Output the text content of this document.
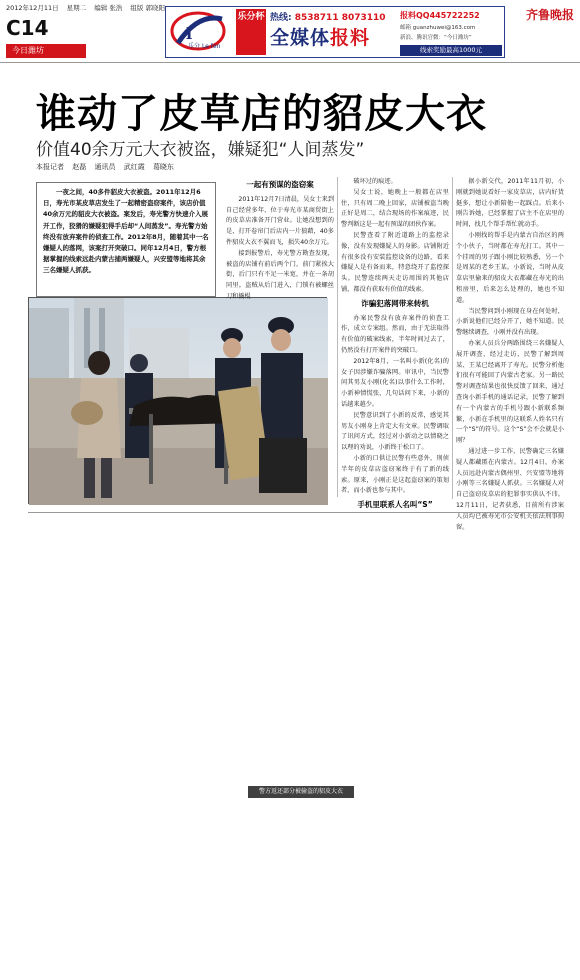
2012年12月11日 星期二 编辑 张浩 组版 郭晓阳
C14
今日潍坊
齐鲁晚报
l
乐分 Le fen
乐分杯 热线: 8538711 8073110
全媒体报料
报料QQ445722252
邮箱 guanzhuwei@163.com
新浪、腾讯官微：“今日潍坊”
线索奖励最高1000元
谁动了皮草店的貂皮大衣
价值40余万元大衣被盗，嫌疑犯“人间蒸发”
本报记者 赵磊 通讯员 武红霞 葛晓东
一夜之间，40多件貂皮大衣被盗。2011年12月6日，寿光市某皮草店发生了一起精密盗窃案件，该店价值40余万元的貂皮大衣被盗。案发后，寿光警方快速介入展开工作，狡猾的嫌疑犯得手后却“人间蒸发”。寿光警方始终没有放弃案件的侦查工作。2012年8月，随着其中一名嫌疑人的落网，该案打开突破口。同年12月4日，警方根据掌握的线索远赴内蒙古捕两嫌疑人，兴安盟等地将其余三名嫌疑人抓获。
警方返还部分被偷盗的貂皮大衣
一起有预谋的盗窃案

2011年12月7日清晨，吴女士来到自己经营多年、位于寿光市某商贸街上的皮草店准备开门营业。让她没想到的是，打开卷帘门后店内一片狼藉，40多件貂皮大衣不翼而飞，损失40余万元。

接到报警后，寿光警方勘查发现，被盗的店铺有前后两个门，前门紧挨大街，后门只有不足一米宽，并在一条胡同里。盗贼从后门进入，门锁有被螺丝刀和撬棍

破坏过的痕迹。

吴女士说，她晚上一般都在店里住，只有周二晚上回家，店铺被盗当晚正好是周二，结合现场的作案痕迹，民警判断这是一起有预谋的团伙作案。

民警查看了附近道路上的监控录像，没有发现嫌疑人的身影。店铺附近有很多没有安装监控设备的边路，看来嫌疑人是有备而来，特意绕开了监控探头。民警连续两天走访周围的其他店铺，都没有获取有价值的线索。

诈骗犯落网带来转机

办案民警没有放弃案件的侦查工作，成立专案组。然而，由于无法取得有价值的破案线索，半年时间过去了，仍然没有打开案件的突破口。

2012年8月，一名叫小新(化名)的女子因涉嫌诈骗落网。审讯中，当民警问其男友小刚(化名)以事什么工作时，小新神情慌张，几句话问下来，小新的话越来越少。

民警意识到了小新的反常，感觉其男友小刚身上肯定大有文章。民警调取了讯问方式，经过对小新动之以情晓之以理的劝说，小新终于松口了。

小新的口供让民警有些意外，刑侦半年的皮草店盗窃案终于有了新的线索。原来，小刚正是这起盗窃案的策划者，而小新也参与其中。

手机里联系人名叫“S”

据小新交代，2011年11月初，小刚就到她说看好一家皮草店，店内好货挺多，想让小新陪他一起踩点。后来小刚告诉她，已经掌握了店主不在店里的时间，找几个帮手帮忙就动手。

小刚找的帮手是内蒙古自治区的两个小伙子，当时都在寿光打工。其中一个挂周的男子跟小刚比较熟悉，另一个是周某的老乡王某。小新说，当时从皮草店里偷来的貂皮大衣都藏在寿光的出租房里，后来怎么处理的，她也不知道。

当民警问到小刚现在身在何处时，小新说他们已经分开了，她不知道。民警继续调查，小刚并没有出现。

办案人员兵分两路围绕三名嫌疑人展开调查，经过走访，民警了解到周某、王某已经离开了寿光。民警分析他们很有可能回了内蒙古老家。另一路民警对调查结果也很快反馈了回来，通过查询小新手机的通话记录，民警了解到有一个内蒙古的手机号跟小新联系频繁，小新在手机里的这联系人姓名只有一个“S”的符号。这个“S”会不会就是小刚？

通过进一步工作，民警确定三名嫌疑人都藏匿在内蒙古。12月4日，办案人员远赴内蒙古偶州里、兴安盟等地将小刚等三名嫌疑人抓获。三名嫌疑人对自己盗窃皮草店的犯罪事实供认不讳。12月11日，记者获悉，目前所有涉案人员均已被寿光市公安机关依法刑事拘留。
